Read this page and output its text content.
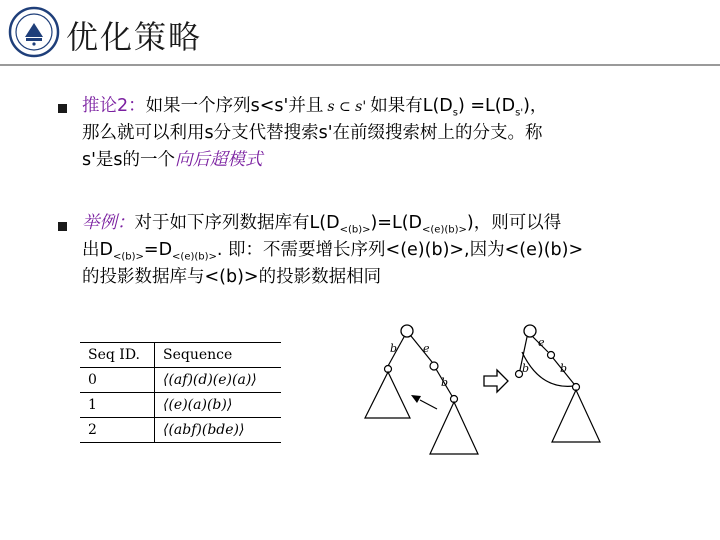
优化策略
推论2：如果一个序列s<s'并且 s ⊂ s' 如果有$L(D_s) =L(D_{s'})$，
那么就可以利用s分支代替搜索s'在前缀搜索树上的分支。称
s'是s的一个向后超模式
举例：对于如下序列数据库有$L(D_{<(b)>})=L(D_{<(e)(b)>})$，则可以得
出$D_{<(b)>}=D_{<(e)(b)>}$. 即：不需要增长序列<(e)(b)>,因为<(e)(b)>
的投影数据库与<(b)>的投影数据相同
Seq ID.	Sequence
0	⟨(af)(d)(e)(a)⟩
1	⟨(e)(a)(b)⟩
2	⟨(abf)(bde)⟩
b e
b
e
b	b
